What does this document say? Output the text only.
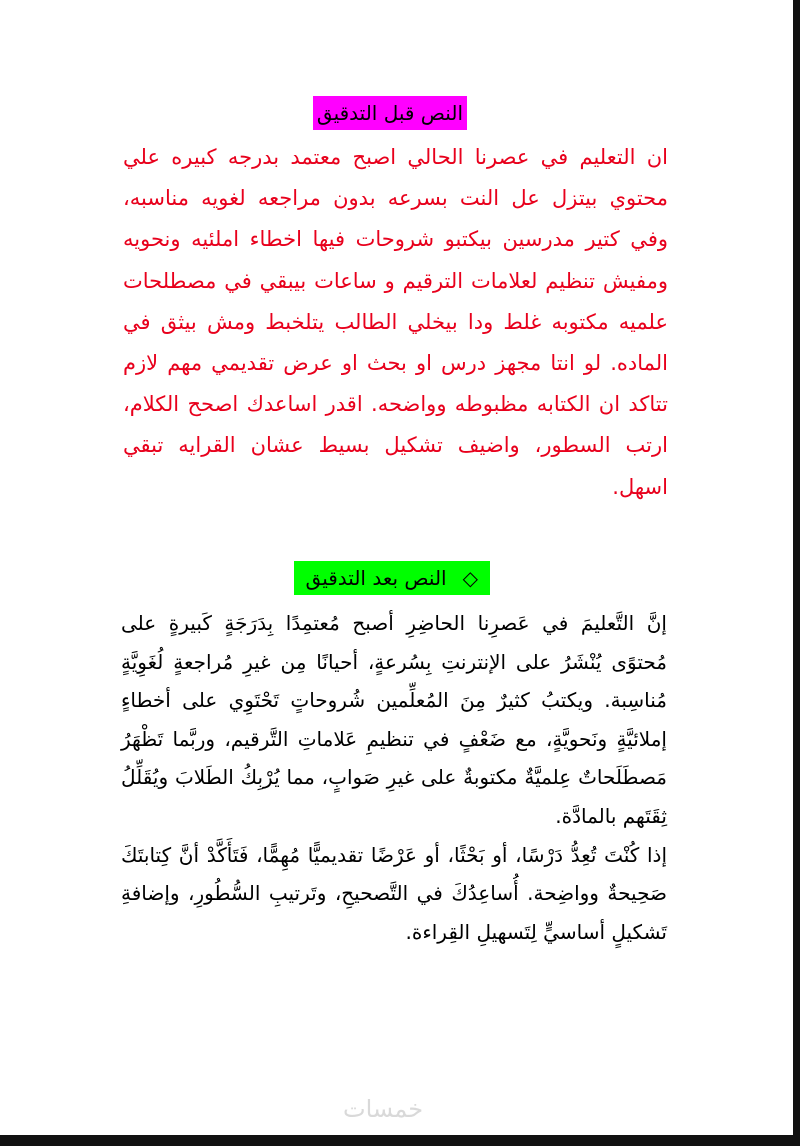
النص قبل التدقيق
ان التعليم في عصرنا الحالي اصبح معتمد بدرجه كبيره علي محتوي بيتزل عل النت بسرعه بدون مراجعه لغويه مناسبه، وفي كتير مدرسين بيكتبو شروحات فيها اخطاء املئيه ونحويه ومفيش تنظيم لعلامات الترقيم و ساعات بيبقي في مصطلحات علميه مكتوبه غلط ودا بيخلي الطالب يتلخبط ومش بيثق في الماده. لو انتا مجهز درس او بحث او عرض تقديمي مهم لازم تتاكد ان الكتابه مظبوطه وواضحه. اقدر اساعدك اصحح الكلام، ارتب السطور، واضيف تشكيل بسيط عشان القرايه تبقي اسهل.
◇النص بعد التدقيق

إنَّ التَّعليمَ في عَصرِنا الحاضِرِ أصبح مُعتمِدًا بِدَرَجَةٍ كَبيرةٍ على مُحتوًى يُنْشَرُ على الإنترنتِ بِسُرعةٍ، أحيانًا مِن غيرِ مُراجعةٍ لُغَوِيَّةٍ مُناسِبة. ويكتبُ كثيرٌ مِنَ المُعلِّمين شُروحاتٍ تَحْتَوِي على أخطاءٍ إملائيَّةٍ ونَحويَّةٍ، مع ضَعْفٍ في تنظيمِ عَلاماتِ التَّرقيم، وربَّما تَظْهَرُ مَصطَلَحاتٌ عِلميَّةٌ مكتوبةٌ على غيرِ صَوابٍ، مما يُرْبِكُ الطَلابَ ويُقَلِّلُ ثِقَتَهم بالمادَّة.

إذا كُنْتَ تُعِدُّ دَرْسًا، أو بَحْثًا، أو عَرْضًا تقديميًّا مُهِمًّا، فَتَأَكَّدْ أنَّ كِتابتَكَ صَحِيحةٌ وواضِحة. أُساعِدُكَ في التَّصحيحِ، وتَرتيبِ السُّطُورِ، وإضافةِ تَشكيلٍ أساسيٍّ لِتَسهيلِ القِراءة.

خمسات
